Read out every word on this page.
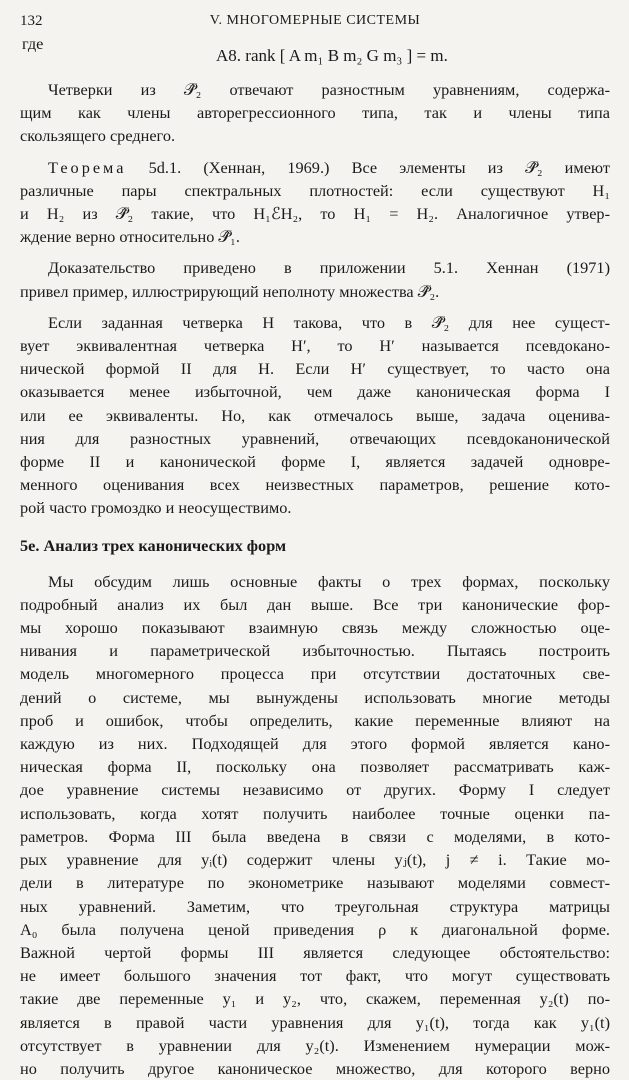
132	V. МНОГОМЕРНЫЕ СИСТЕМЫ
где
A8. rank [ A m₁ B m₂ G m₃ ] = m.
Четверки из 𝒫̂₂ отвечают разностным уравнениям, содержа-
щим как члены авторегрессионного типа, так и члены типа
скользящего среднего.
Теорема 5d.1. (Хеннан, 1969.) Все элементы из 𝒫̂₂ имеют
различные пары спектральных плотностей: если существуют H₁
и H₂ из 𝒫̂₂ такие, что H₁ℰH₂, то H₁ = H₂. Аналогичное утвер-
ждение верно относительно 𝒫̂₁.
Доказательство приведено в приложении 5.1. Хеннан (1971)
привел пример, иллюстрирующий неполноту множества 𝒫̂₂.
Если заданная четверка H такова, что в 𝒫̂₂ для нее сущест-
вует эквивалентная четверка H′, то H′ называется псевдокано-
нической формой II для H. Если H′ существует, то часто она
оказывается менее избыточной, чем даже каноническая форма I
или ее эквиваленты. Но, как отмечалось выше, задача оценива-
ния для разностных уравнений, отвечающих псевдоканонической
форме II и канонической форме I, является задачей одновре-
менного оценивания всех неизвестных параметров, решение кото-
рой часто громоздко и неосуществимо.
5e. Анализ трех канонических форм
Мы обсудим лишь основные факты о трех формах, поскольку
подробный анализ их был дан выше. Все три канонические фор-
мы хорошо показывают взаимную связь между сложностью оце-
нивания и параметрической избыточностью. Пытаясь построить
модель многомерного процесса при отсутствии достаточных све-
дений о системе, мы вынуждены использовать многие методы
проб и ошибок, чтобы определить, какие переменные влияют на
каждую из них. Подходящей для этого формой является кано-
ническая форма II, поскольку она позволяет рассматривать каж-
дое уравнение системы независимо от других. Форму I следует
использовать, когда хотят получить наиболее точные оценки па-
раметров. Форма III была введена в связи с моделями, в кото-
рых уравнение для yᵢ(t) содержит члены yⱼ(t), j ≠ i. Такие мо-
дели в литературе по эконометрике называют моделями совмест-
ных уравнений. Заметим, что треугольная структура матрицы
A₀ была получена ценой приведения ρ к диагональной форме.
Важной чертой формы III является следующее обстоятельство:
не имеет большого значения тот факт, что могут существовать
такие две переменные y₁ и y₂, что, скажем, переменная y₂(t) по-
является в правой части уравнения для y₁(t), тогда как y₁(t)
отсутствует в уравнении для y₂(t). Изменением нумерации мож-
но получить другое каноническое множество, для которого верно
